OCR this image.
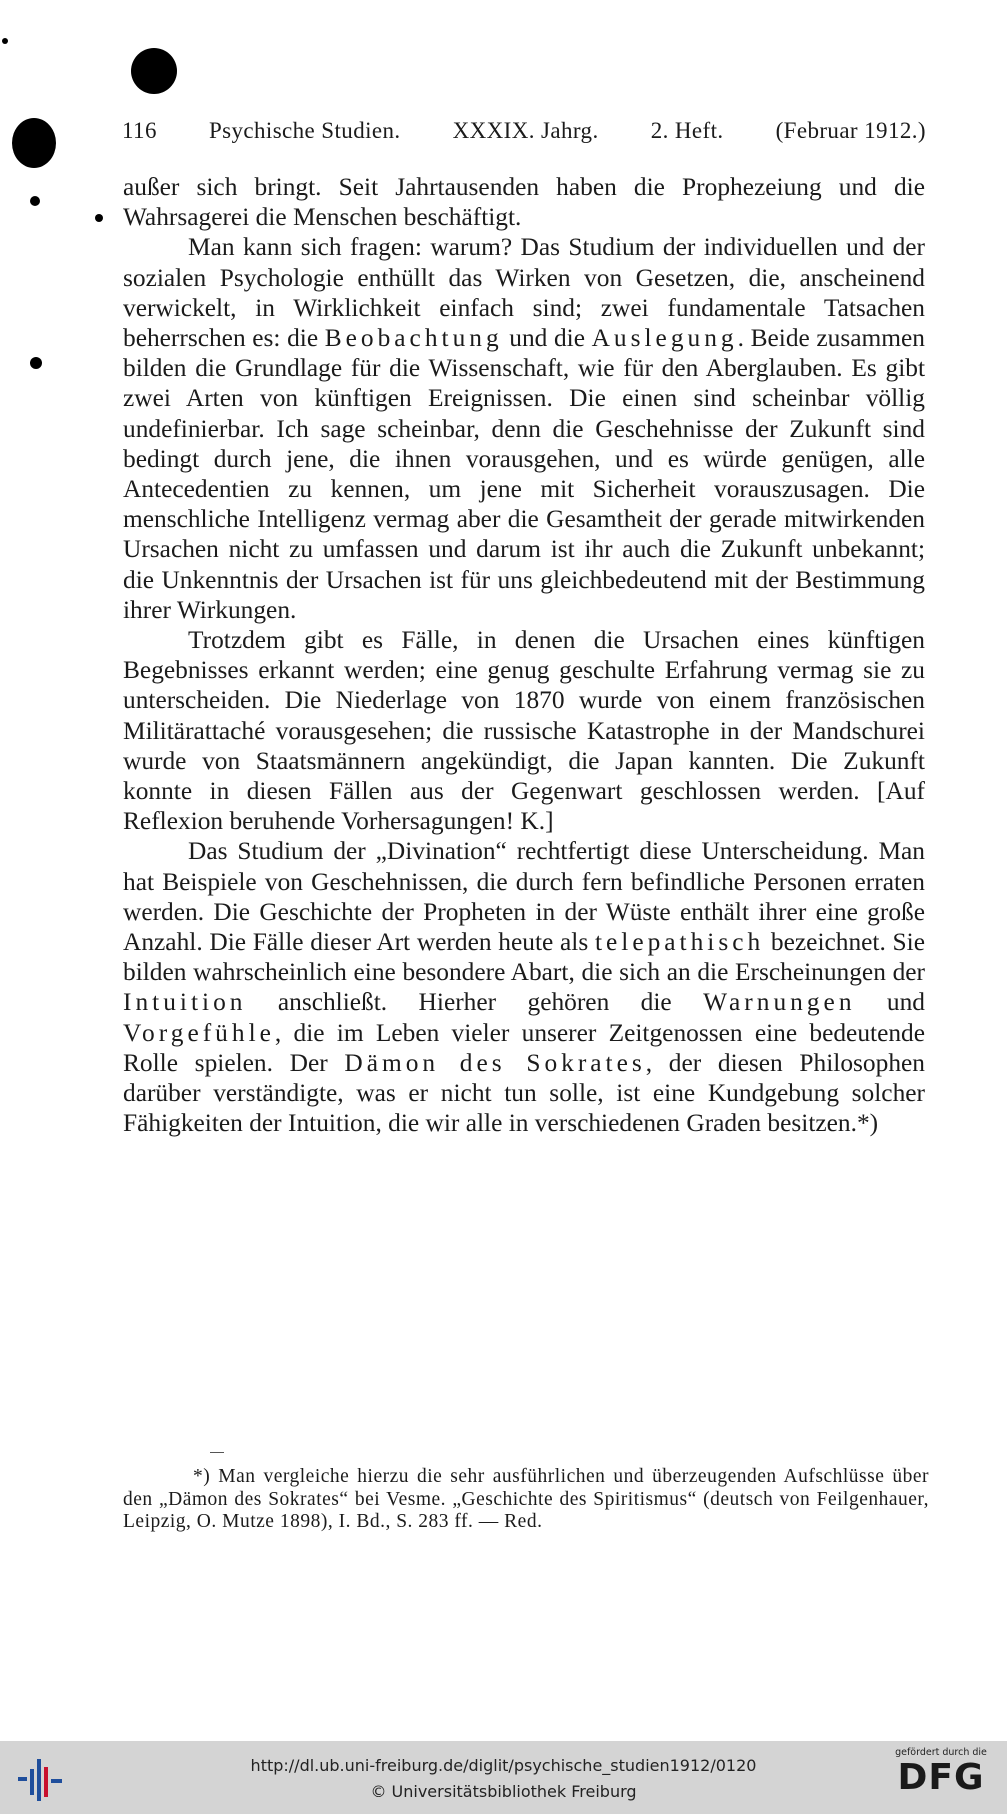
116 Psychische Studien. XXXIX. Jahrg. 2. Heft. (Februar 1912.)

außer sich bringt. Seit Jahrtausenden haben die Prophezeiung und die Wahrsagerei die Menschen beschäftigt.

Man kann sich fragen: warum? Das Studium der individuellen und der sozialen Psychologie enthüllt das Wirken von Gesetzen, die, anscheinend verwickelt, in Wirklichkeit einfach sind; zwei fundamentale Tatsachen beherrschen es: die Beobachtung und die Auslegung. Beide zusammen bilden die Grundlage für die Wissenschaft, wie für den Aberglauben. Es gibt zwei Arten von künftigen Ereignissen. Die einen sind scheinbar völlig undefinierbar. Ich sage scheinbar, denn die Geschehnisse der Zukunft sind bedingt durch jene, die ihnen vorausgehen, und es würde genügen, alle Antecedentien zu kennen, um jene mit Sicherheit vorauszusagen. Die menschliche Intelligenz vermag aber die Gesamtheit der gerade mitwirkenden Ursachen nicht zu umfassen und darum ist ihr auch die Zukunft unbekannt; die Unkenntnis der Ursachen ist für uns gleichbedeutend mit der Bestimmung ihrer Wirkungen.

Trotzdem gibt es Fälle, in denen die Ursachen eines künftigen Begebnisses erkannt werden; eine genug geschulte Erfahrung vermag sie zu unterscheiden. Die Niederlage von 1870 wurde von einem französischen Militärattaché vorausgesehen; die russische Katastrophe in der Mandschurei wurde von Staatsmännern angekündigt, die Japan kannten. Die Zukunft konnte in diesen Fällen aus der Gegenwart geschlossen werden. [Auf Reflexion beruhende Vorhersagungen! K.]

Das Studium der „Divination“ rechtfertigt diese Unterscheidung. Man hat Beispiele von Geschehnissen, die durch fern befindliche Personen erraten werden. Die Geschichte der Propheten in der Wüste enthält ihrer eine große Anzahl. Die Fälle dieser Art werden heute als telepathisch bezeichnet. Sie bilden wahrscheinlich eine besondere Abart, die sich an die Erscheinungen der Intuition anschließt. Hierher gehören die Warnungen und Vorgefühle, die im Leben vieler unserer Zeitgenossen eine bedeutende Rolle spielen. Der Dämon des Sokrates, der diesen Philosophen darüber verständigte, was er nicht tun solle, ist eine Kundgebung solcher Fähigkeiten der Intuition, die wir alle in verschiedenen Graden besitzen.*)

*) Man vergleiche hierzu die sehr ausführlichen und überzeugenden Aufschlüsse über den „Dämon des Sokrates“ bei Vesme. „Geschichte des Spiritismus“ (deutsch von Feilgenhauer, Leipzig, O. Mutze 1898), I. Bd., S. 283 ff. — Red.

http://dl.ub.uni-freiburg.de/diglit/psychische_studien1912/0120
© Universitätsbibliothek Freiburg
gefördert durch die
DFG
